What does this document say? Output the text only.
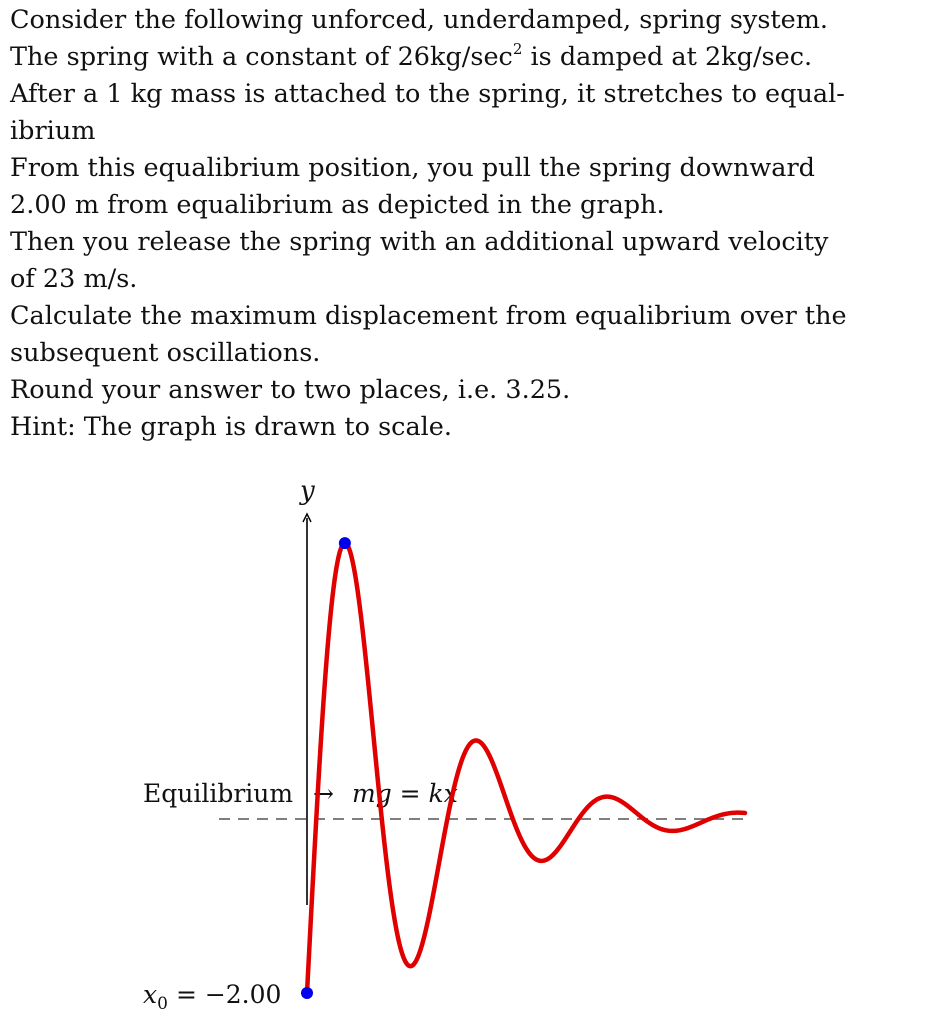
Consider the following unforced, underdamped, spring system.
The spring with a constant of $26kg/\sec^2$ is damped at 2kg/sec.
After a 1 kg mass is attached to the spring, it stretches to equal-
ibrium
From this equalibrium position, you pull the spring downward
2.00 m from equalibrium as depicted in the graph.
Then you release the spring with an additional upward velocity
of 23 m/s.
Calculate the maximum displacement from equalibrium over the
subsequent oscillations.
Round your answer to two places, i.e. 3.25.
Hint: The graph is drawn to scale.
y
Equilibrium → mg = kx
$x_0 = -2.00$
